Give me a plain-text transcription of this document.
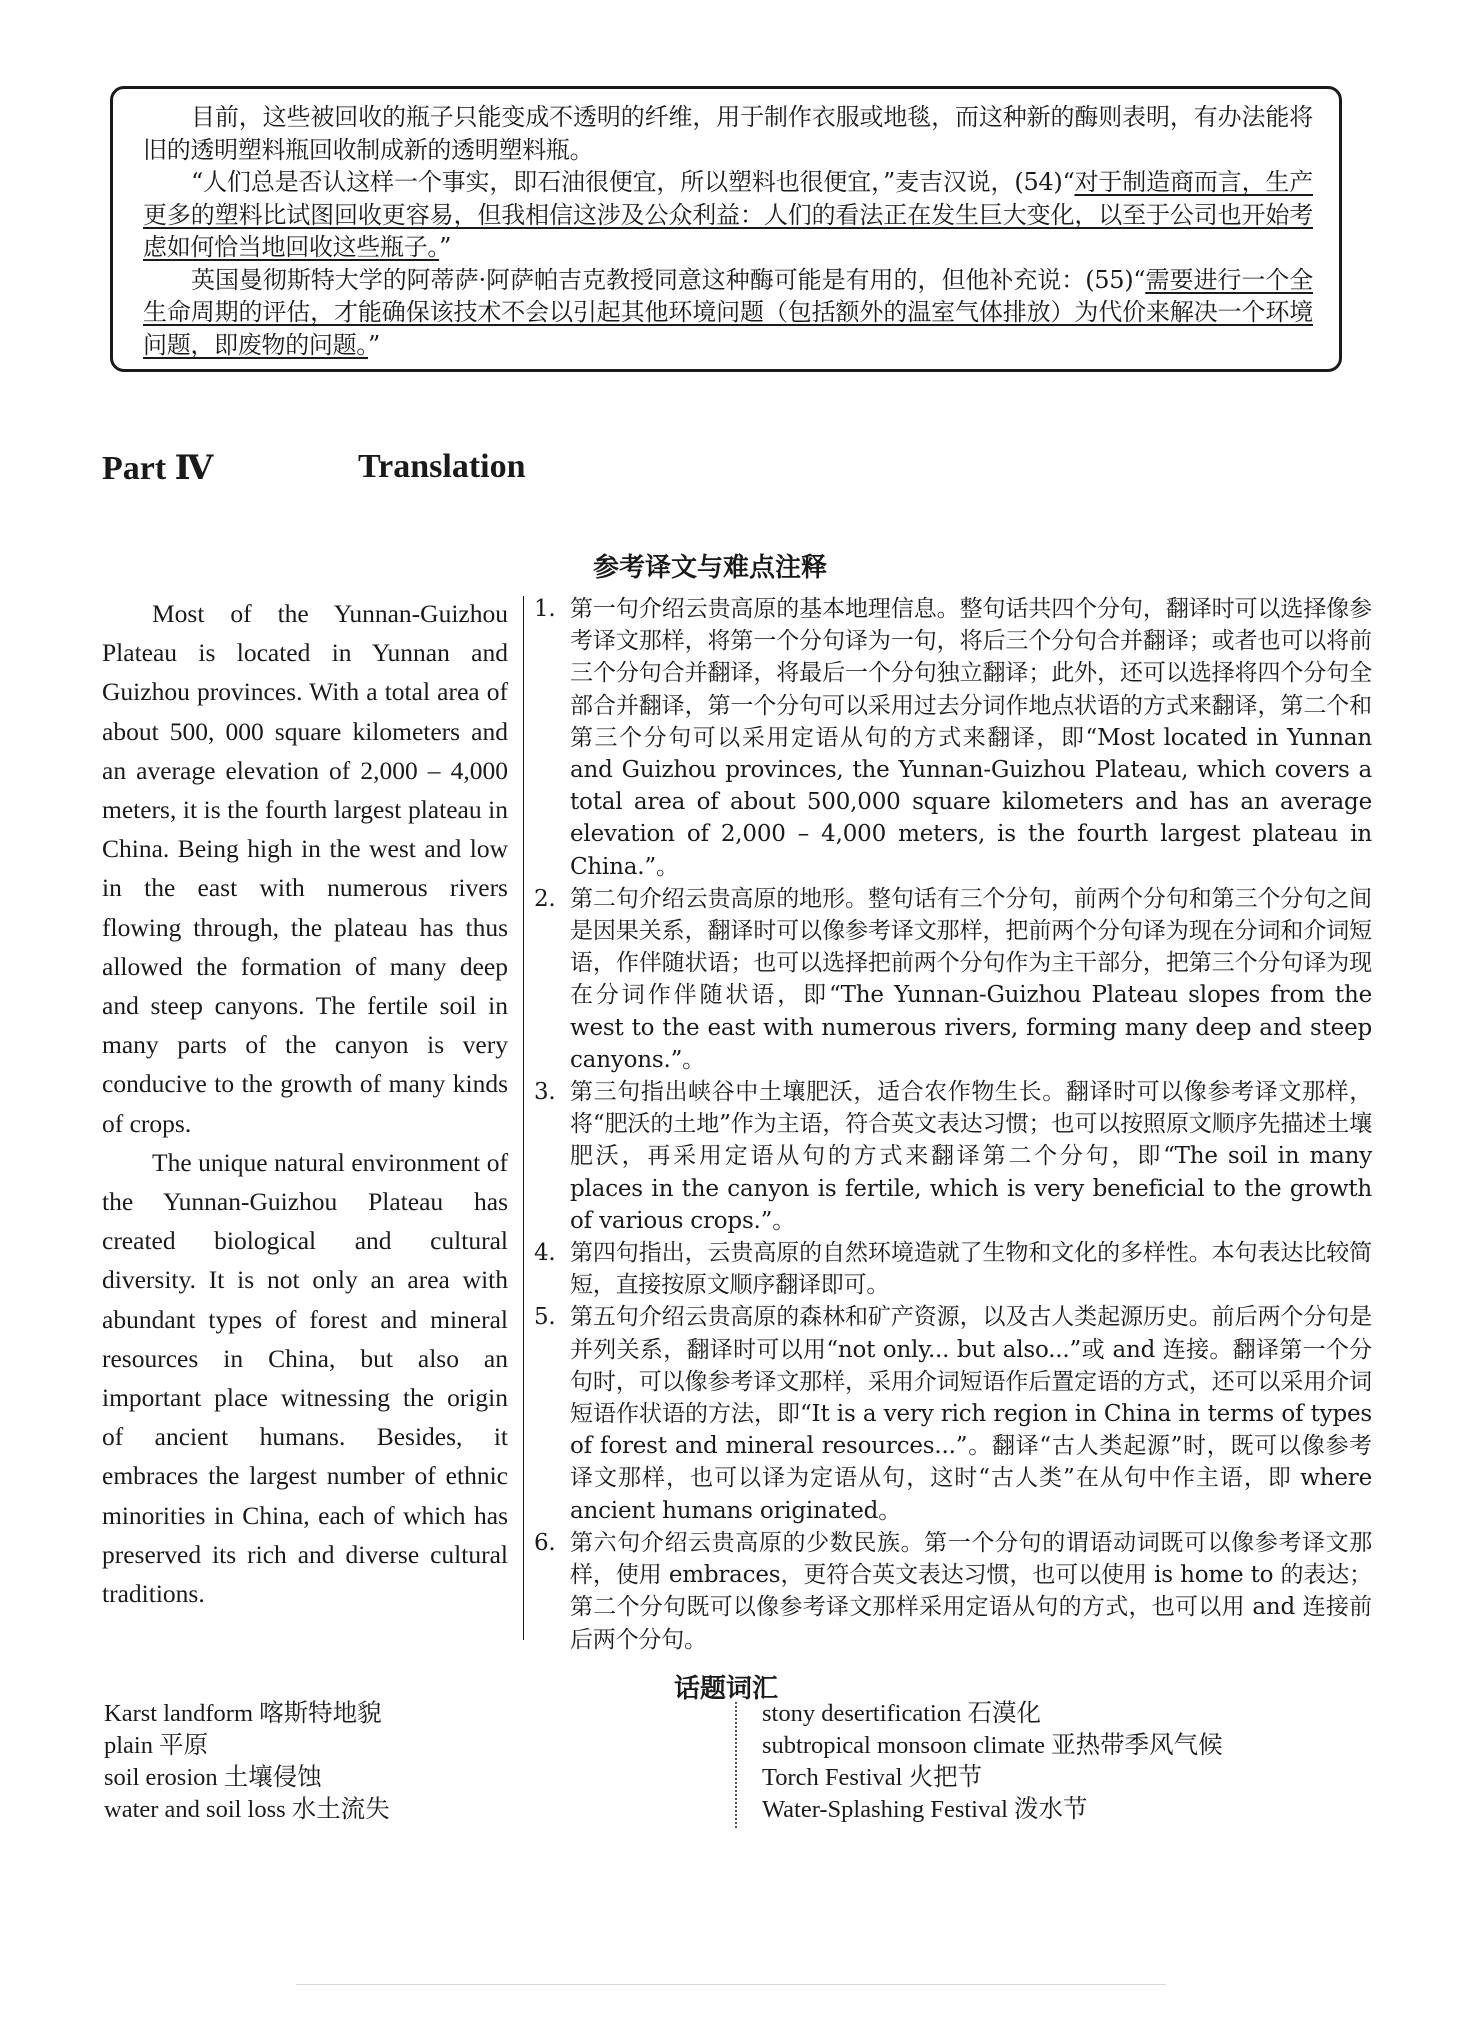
目前，这些被回收的瓶子只能变成不透明的纤维，用于制作衣服或地毯，而这种新的酶则表明，有办法能将旧的透明塑料瓶回收制成新的透明塑料瓶。

“人们总是否认这样一个事实，即石油很便宜，所以塑料也很便宜，”麦吉汉说，(54)“对于制造商而言，生产更多的塑料比试图回收更容易，但我相信这涉及公众利益：人们的看法正在发生巨大变化，以至于公司也开始考虑如何恰当地回收这些瓶子。”

英国曼彻斯特大学的阿蒂萨·阿萨帕吉克教授同意这种酶可能是有用的，但他补充说：(55)“需要进行一个全生命周期的评估，才能确保该技术不会以引起其他环境问题（包括额外的温室气体排放）为代价来解决一个环境问题，即废物的问题。”

Part Ⅳ	Translation
参考译文与难点注释

Most of the Yunnan-Guizhou Plateau is located in Yunnan and Guizhou provinces. With a total area of about 500, 000 square kilometers and an average elevation of 2,000 – 4,000 meters, it is the fourth largest plateau in China. Being high in the west and low in the east with numerous rivers flowing through, the plateau has thus allowed the formation of many deep and steep canyons. The fertile soil in many parts of the canyon is very conducive to the growth of many kinds of crops.

The unique natural environment of the Yunnan-Guizhou Plateau has created biological and cultural diversity. It is not only an area with abundant types of forest and mineral resources in China, but also an important place witnessing the origin of ancient humans. Besides, it embraces the largest number of ethnic minorities in China, each of which has preserved its rich and diverse cultural traditions.

1. 第一句介绍云贵高原的基本地理信息。整句话共四个分句，翻译时可以选择像参考译文那样，将第一个分句译为一句，将后三个分句合并翻译；或者也可以将前三个分句合并翻译，将最后一个分句独立翻译；此外，还可以选择将四个分句全部合并翻译，第一个分句可以采用过去分词作地点状语的方式来翻译，第二个和第三个分句可以采用定语从句的方式来翻译，即“Most located in Yunnan and Guizhou provinces, the Yunnan-Guizhou Plateau, which covers a total area of about 500,000 square kilometers and has an average elevation of 2,000 – 4,000 meters, is the fourth largest plateau in China.”。
2. 第二句介绍云贵高原的地形。整句话有三个分句，前两个分句和第三个分句之间是因果关系，翻译时可以像参考译文那样，把前两个分句译为现在分词和介词短语，作伴随状语；也可以选择把前两个分句作为主干部分，把第三个分句译为现在分词作伴随状语，即“The Yunnan-Guizhou Plateau slopes from the west to the east with numerous rivers, forming many deep and steep canyons.”。
3. 第三句指出峡谷中土壤肥沃，适合农作物生长。翻译时可以像参考译文那样，将“肥沃的土地”作为主语，符合英文表达习惯；也可以按照原文顺序先描述土壤肥沃，再采用定语从句的方式来翻译第二个分句，即“The soil in many places in the canyon is fertile, which is very beneficial to the growth of various crops.”。
4. 第四句指出，云贵高原的自然环境造就了生物和文化的多样性。本句表达比较简短，直接按原文顺序翻译即可。
5. 第五句介绍云贵高原的森林和矿产资源，以及古人类起源历史。前后两个分句是并列关系，翻译时可以用“not only... but also...”或 and 连接。翻译第一个分句时，可以像参考译文那样，采用介词短语作后置定语的方式，还可以采用介词短语作状语的方法，即“It is a very rich region in China in terms of types of forest and mineral resources...”。翻译“古人类起源”时，既可以像参考译文那样，也可以译为定语从句，这时“古人类”在从句中作主语，即 where ancient humans originated。
6. 第六句介绍云贵高原的少数民族。第一个分句的谓语动词既可以像参考译文那样，使用 embraces，更符合英文表达习惯，也可以使用 is home to 的表达；第二个分句既可以像参考译文那样采用定语从句的方式，也可以用 and 连接前后两个分句。
话题词汇
Karst landform 喀斯特地貌
plain 平原
soil erosion 土壤侵蚀
water and soil loss 水土流失
stony desertification 石漠化
subtropical monsoon climate 亚热带季风气候
Torch Festival 火把节
Water-Splashing Festival 泼水节
